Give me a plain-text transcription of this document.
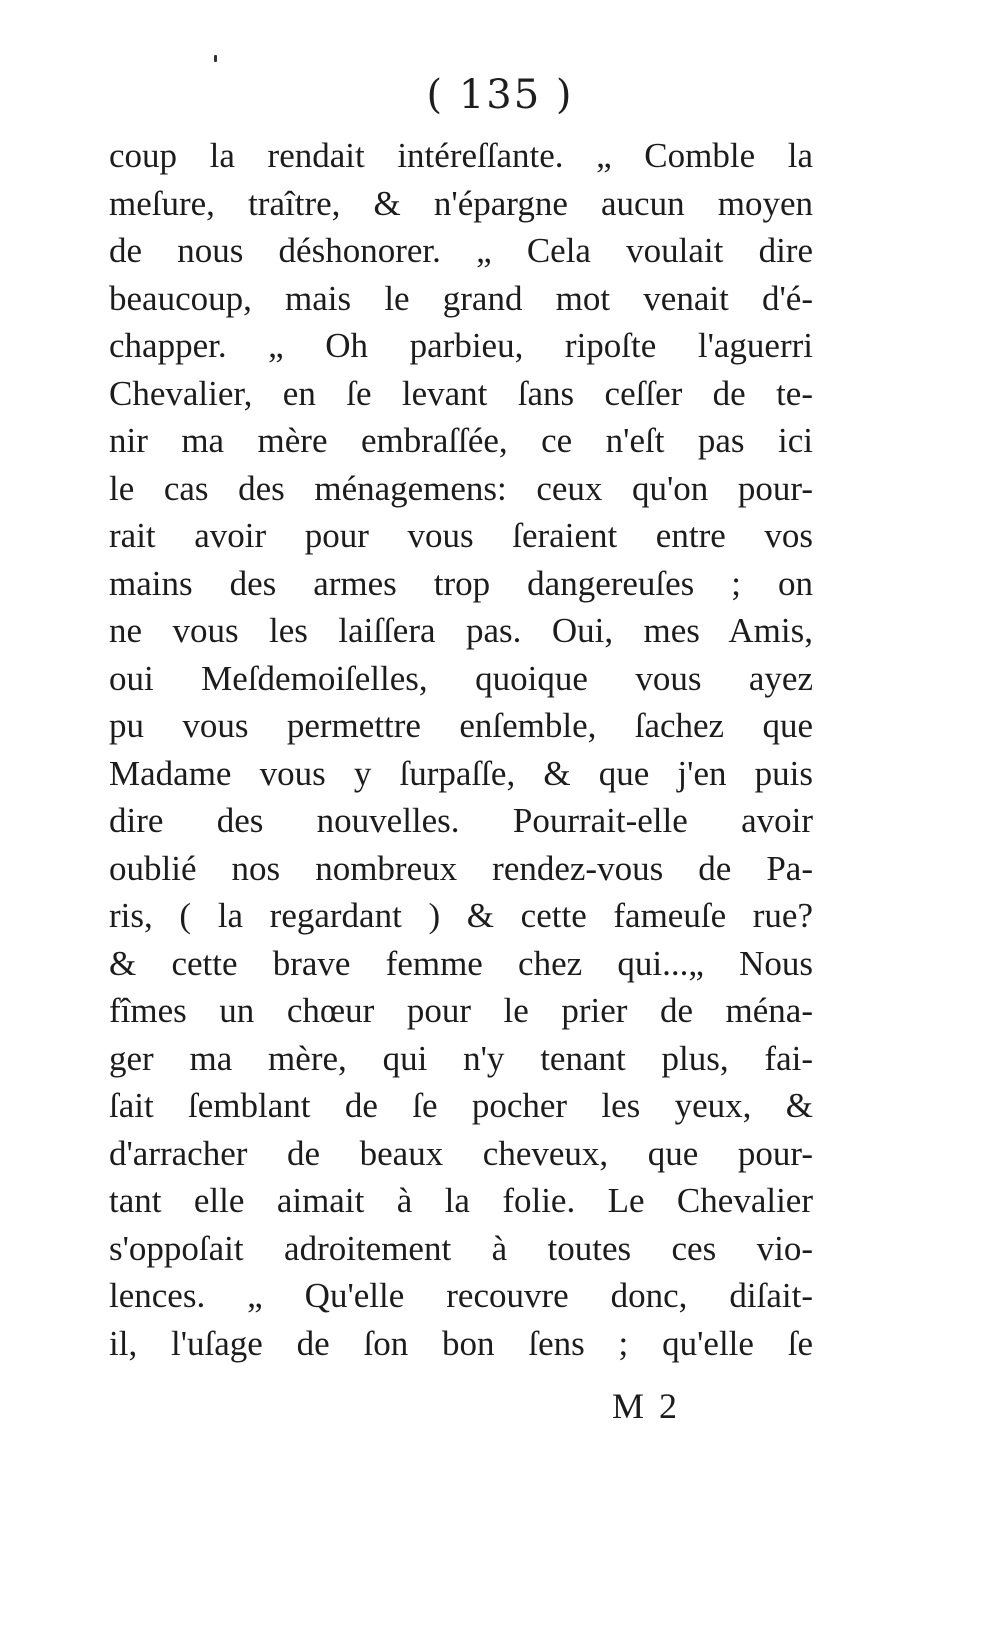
( 135 )
coup la rendait intéreſſante. „ Comble la
meſure, traître, & n'épargne aucun moyen
de nous déshonorer. „ Cela voulait dire
beaucoup, mais le grand mot venait d'é-
chapper. „ Oh parbieu, ripoſte l'aguerri
Chevalier, en ſe levant ſans ceſſer de te-
nir ma mère embraſſée, ce n'eſt pas ici
le cas des ménagemens: ceux qu'on pour-
rait avoir pour vous ſeraient entre vos
mains des armes trop dangereuſes ; on
ne vous les laiſſera pas. Oui, mes Amis,
oui Meſdemoiſelles, quoique vous ayez
pu vous permettre enſemble, ſachez que
Madame vous y ſurpaſſe, & que j'en puis
dire des nouvelles. Pourrait-elle avoir
oublié nos nombreux rendez-vous de Pa-
ris, ( la regardant ) & cette fameuſe rue?
& cette brave femme chez qui...„ Nous
fîmes un chœur pour le prier de ména-
ger ma mère, qui n'y tenant plus, fai-
ſait ſemblant de ſe pocher les yeux, &
d'arracher de beaux cheveux, que pour-
tant elle aimait à la folie. Le Chevalier
s'oppoſait adroitement à toutes ces vio-
lences. „ Qu'elle recouvre donc, diſait-
il, l'uſage de ſon bon ſens ; qu'elle ſe
M 2
